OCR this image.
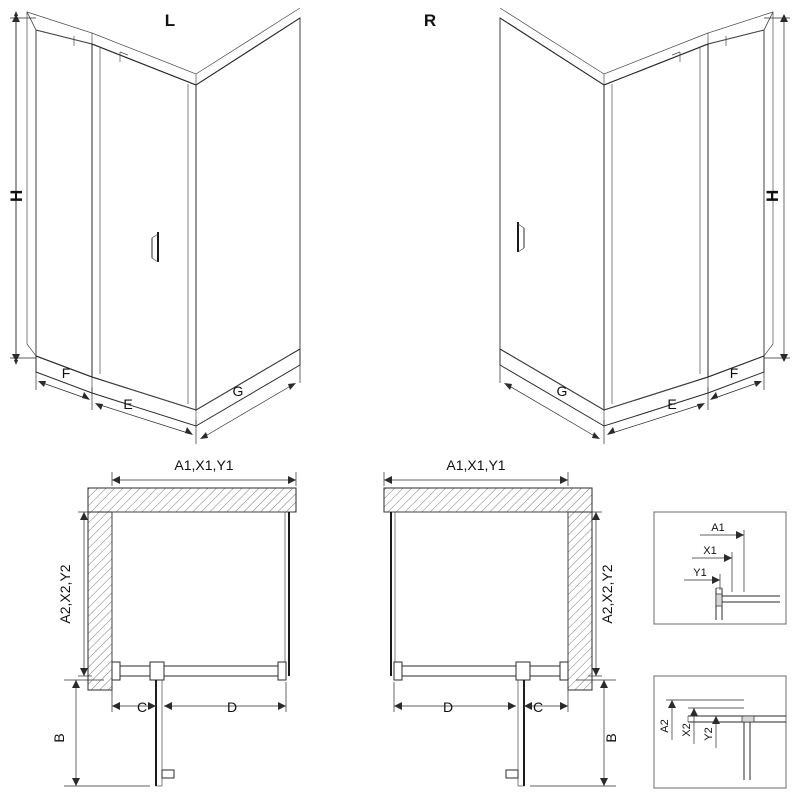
H
L
F
E
G
H
R
F
E
G
A1,X1,Y1
A2,X2,Y2
C	D
B
A1,X1,Y1
A2,X2,Y2
D	C
B
A1
X1
Y1
A2 X2 Y2
